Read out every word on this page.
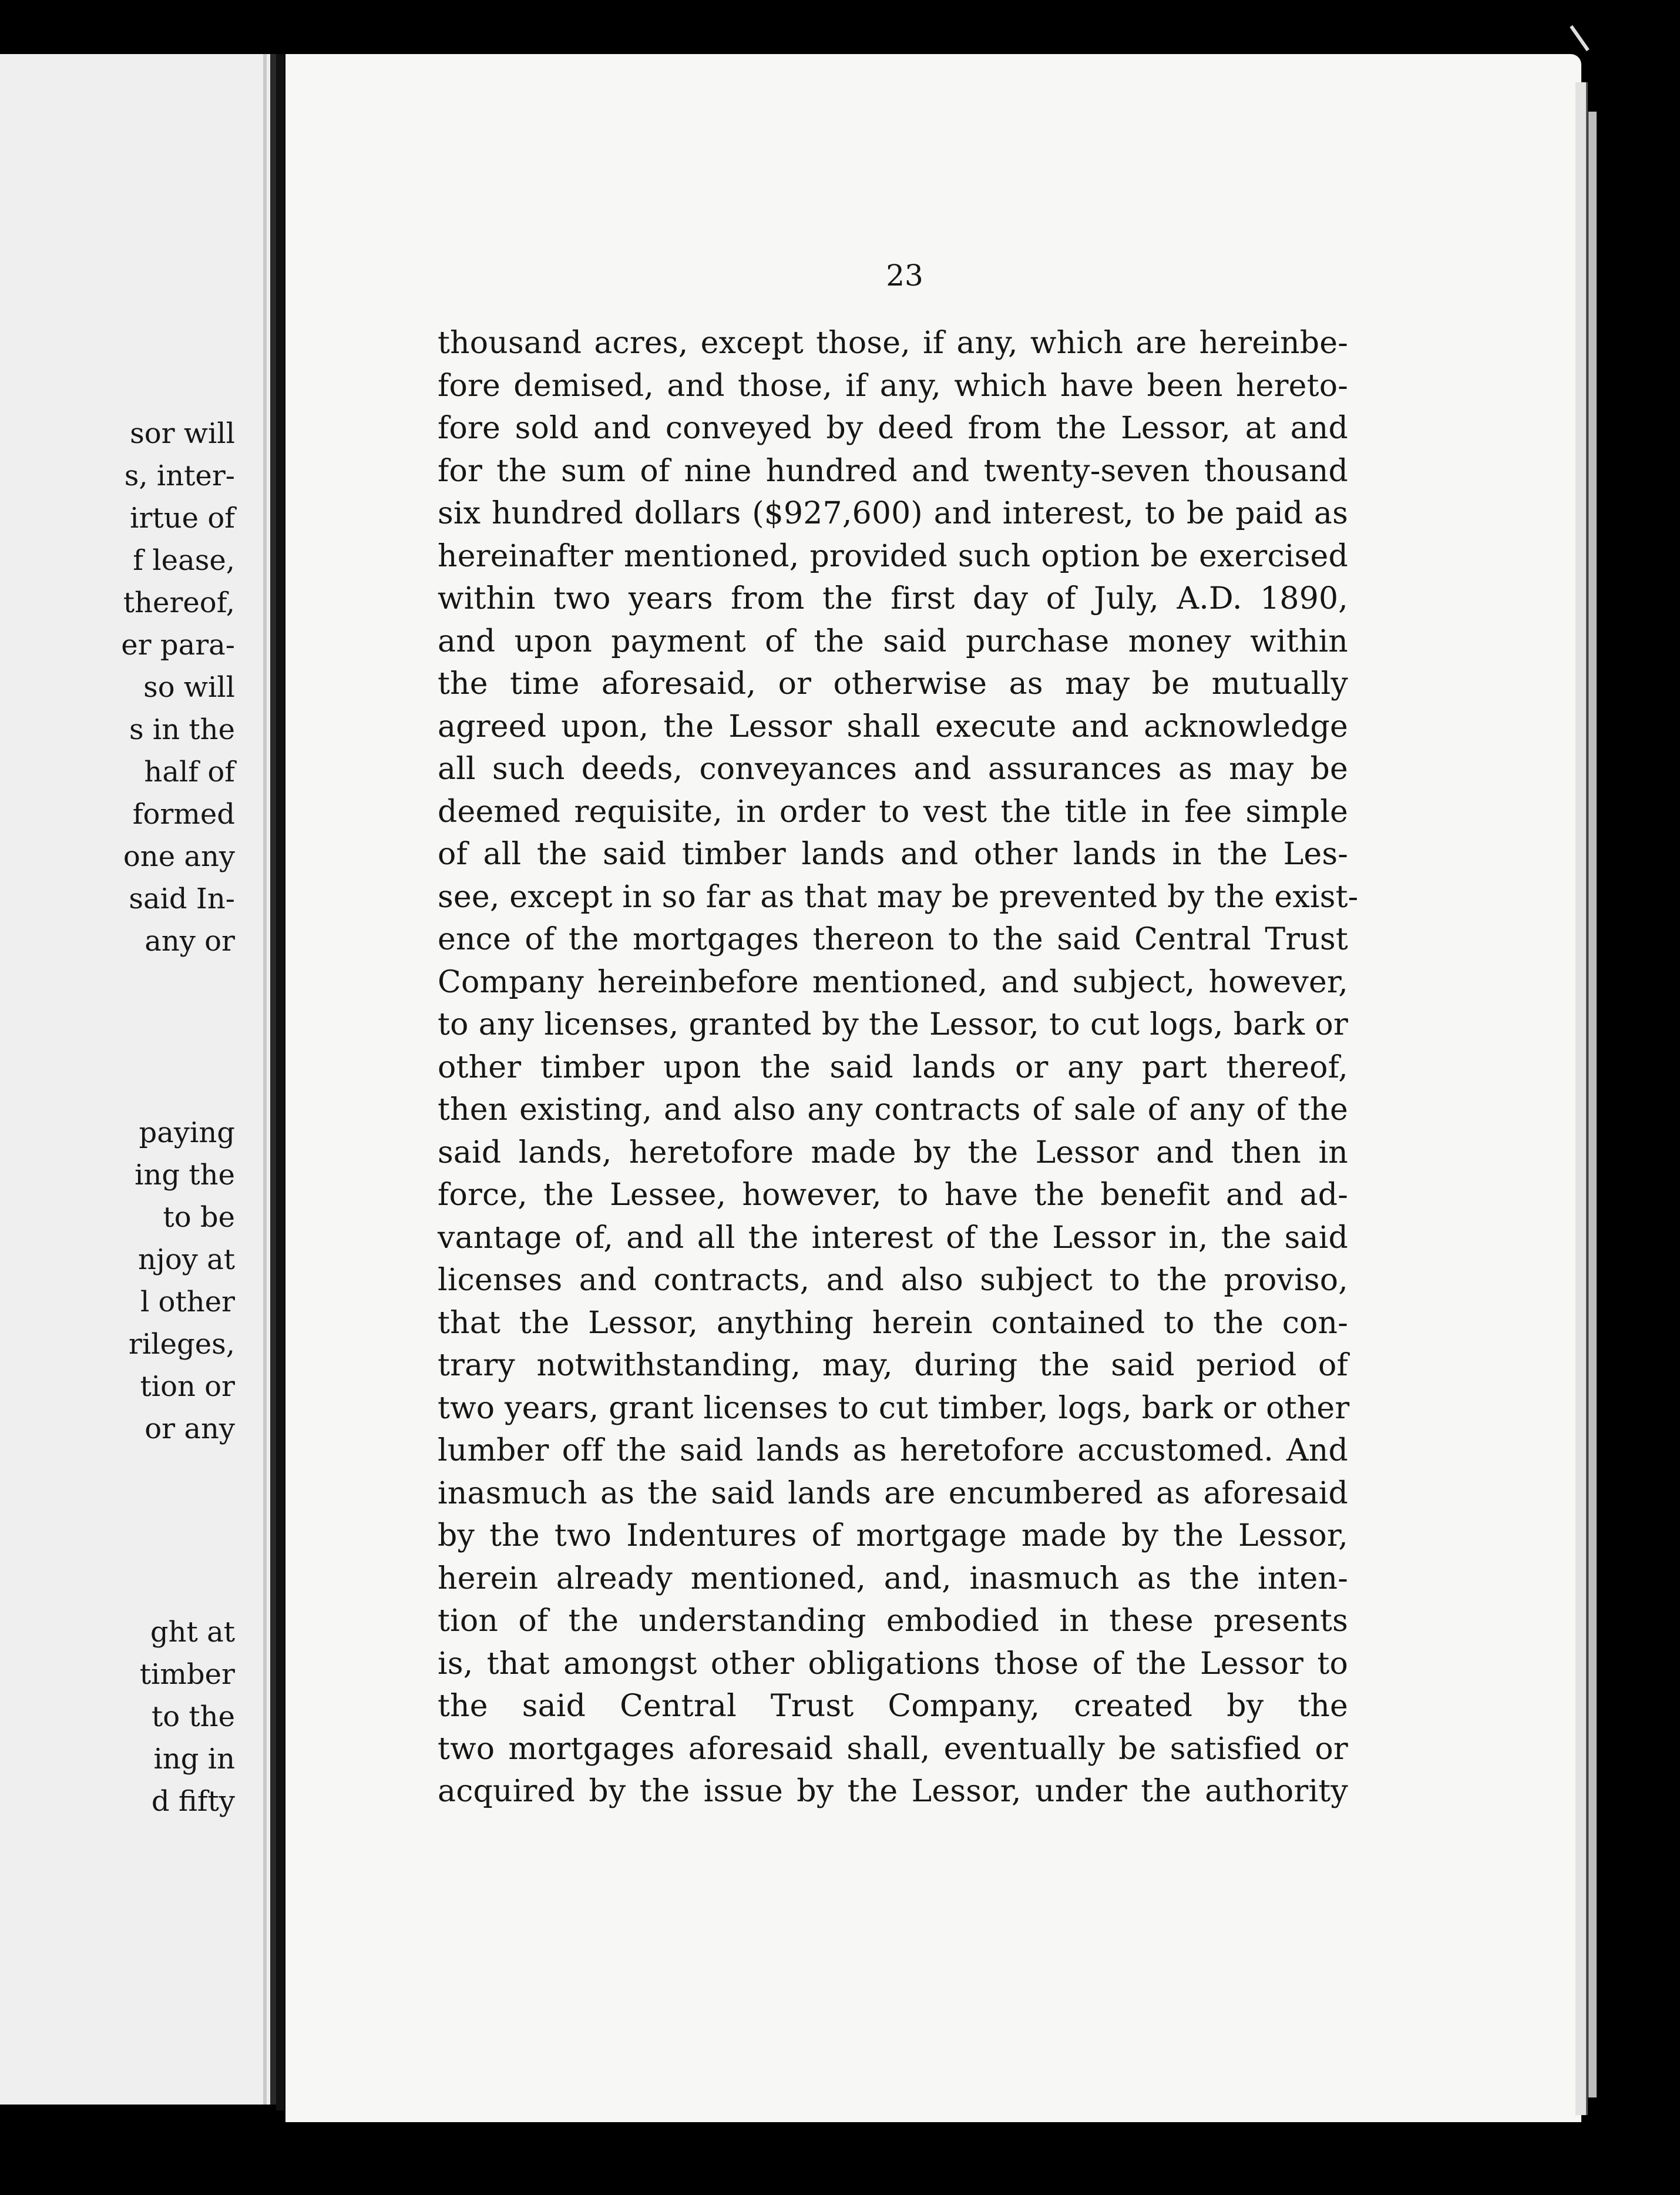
sor will
s, inter-
irtue of
f lease,
thereof,
er para-
so will
s in the
half of
formed
one any
said In-
any or
paying
ing the
to be
njoy at
l other
rileges,
tion or
or any
ght at
timber
to the
ing in
d fifty
23
thousand acres, except those, if any, which are hereinbe-
fore demised, and those, if any, which have been hereto-
fore sold and conveyed by deed from the Lessor, at and
for the sum of nine hundred and twenty-seven thousand
six hundred dollars ($927,600) and interest, to be paid as
hereinafter mentioned, provided such option be exercised
within two years from the first day of July, A.D. 1890,
and upon payment of the said purchase money within
the time aforesaid, or otherwise as may be mutually
agreed upon, the Lessor shall execute and acknowledge
all such deeds, conveyances and assurances as may be
deemed requisite, in order to vest the title in fee simple
of all the said timber lands and other lands in the Les-
see, except in so far as that may be prevented by the exist-
ence of the mortgages thereon to the said Central Trust
Company hereinbefore mentioned, and subject, however,
to any licenses, granted by the Lessor, to cut logs, bark or
other timber upon the said lands or any part thereof,
then existing, and also any contracts of sale of any of the
said lands, heretofore made by the Lessor and then in
force, the Lessee, however, to have the benefit and ad-
vantage of, and all the interest of the Lessor in, the said
licenses and contracts, and also subject to the proviso,
that the Lessor, anything herein contained to the con-
trary notwithstanding, may, during the said period of
two years, grant licenses to cut timber, logs, bark or other
lumber off the said lands as heretofore accustomed. And
inasmuch as the said lands are encumbered as aforesaid
by the two Indentures of mortgage made by the Lessor,
herein already mentioned, and, inasmuch as the inten-
tion of the understanding embodied in these presents
is, that amongst other obligations those of the Lessor to
the said Central Trust Company, created by the
two mortgages aforesaid shall, eventually be satisfied or
acquired by the issue by the Lessor, under the authority
